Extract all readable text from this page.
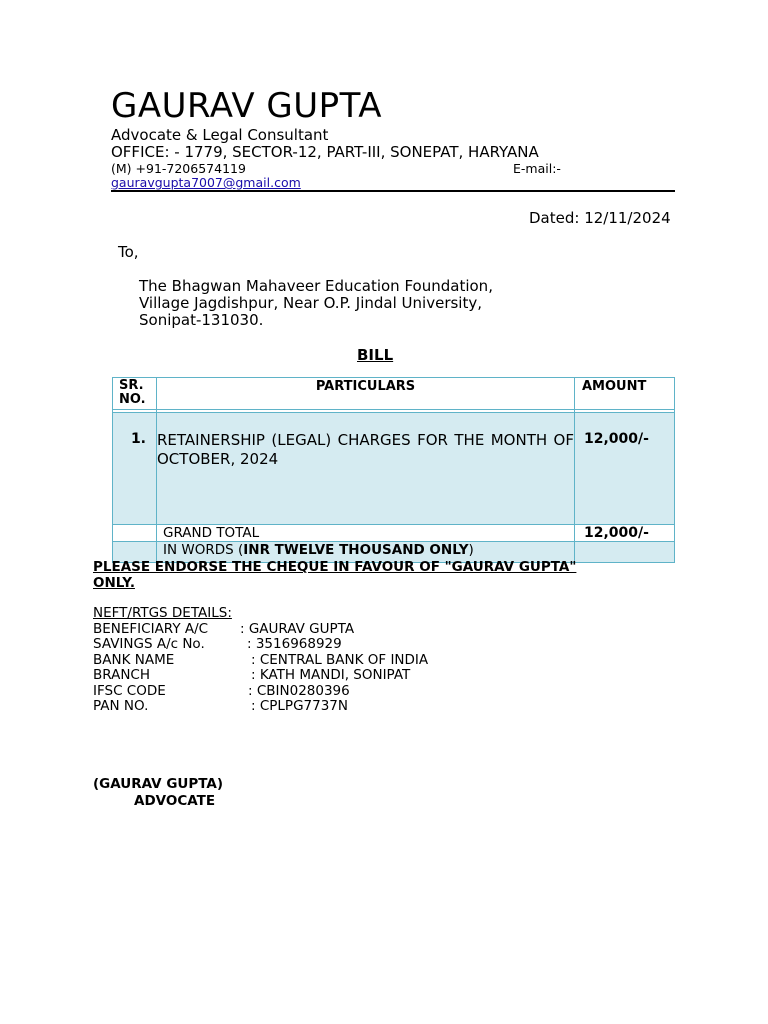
GAURAV GUPTA
Advocate & Legal Consultant
OFFICE: - 1779, SECTOR-12, PART-III, SONEPAT, HARYANA
(M) +91-7206574119	E-mail:-
gauravgupta7007@gmail.com
Dated: 12/11/2024
To,
The Bhagwan Mahaveer Education Foundation,
Village Jagdishpur, Near O.P. Jindal University,
Sonipat-131030.
BILL
SR.
NO.	PARTICULARS	AMOUNT

1.	RETAINERSHIP (LEGAL) CHARGES FOR THE MONTH OF OCTOBER, 2024	12,000/-
	GRAND TOTAL	12,000/-
	IN WORDS (INR TWELVE THOUSAND ONLY)	
PLEASE ENDORSE THE CHEQUE IN FAVOUR OF "GAURAV GUPTA"
ONLY.
NEFT/RTGS DETAILS:
BENEFICIARY A/C : GAURAV GUPTA
SAVINGS A/c No.	: 3516968929
BANK NAME	: CENTRAL BANK OF INDIA
BRANCH	: KATH MANDI, SONIPAT
IFSC CODE	: CBIN0280396
PAN NO.	: CPLPG7737N
(GAURAV GUPTA)
ADVOCATE
